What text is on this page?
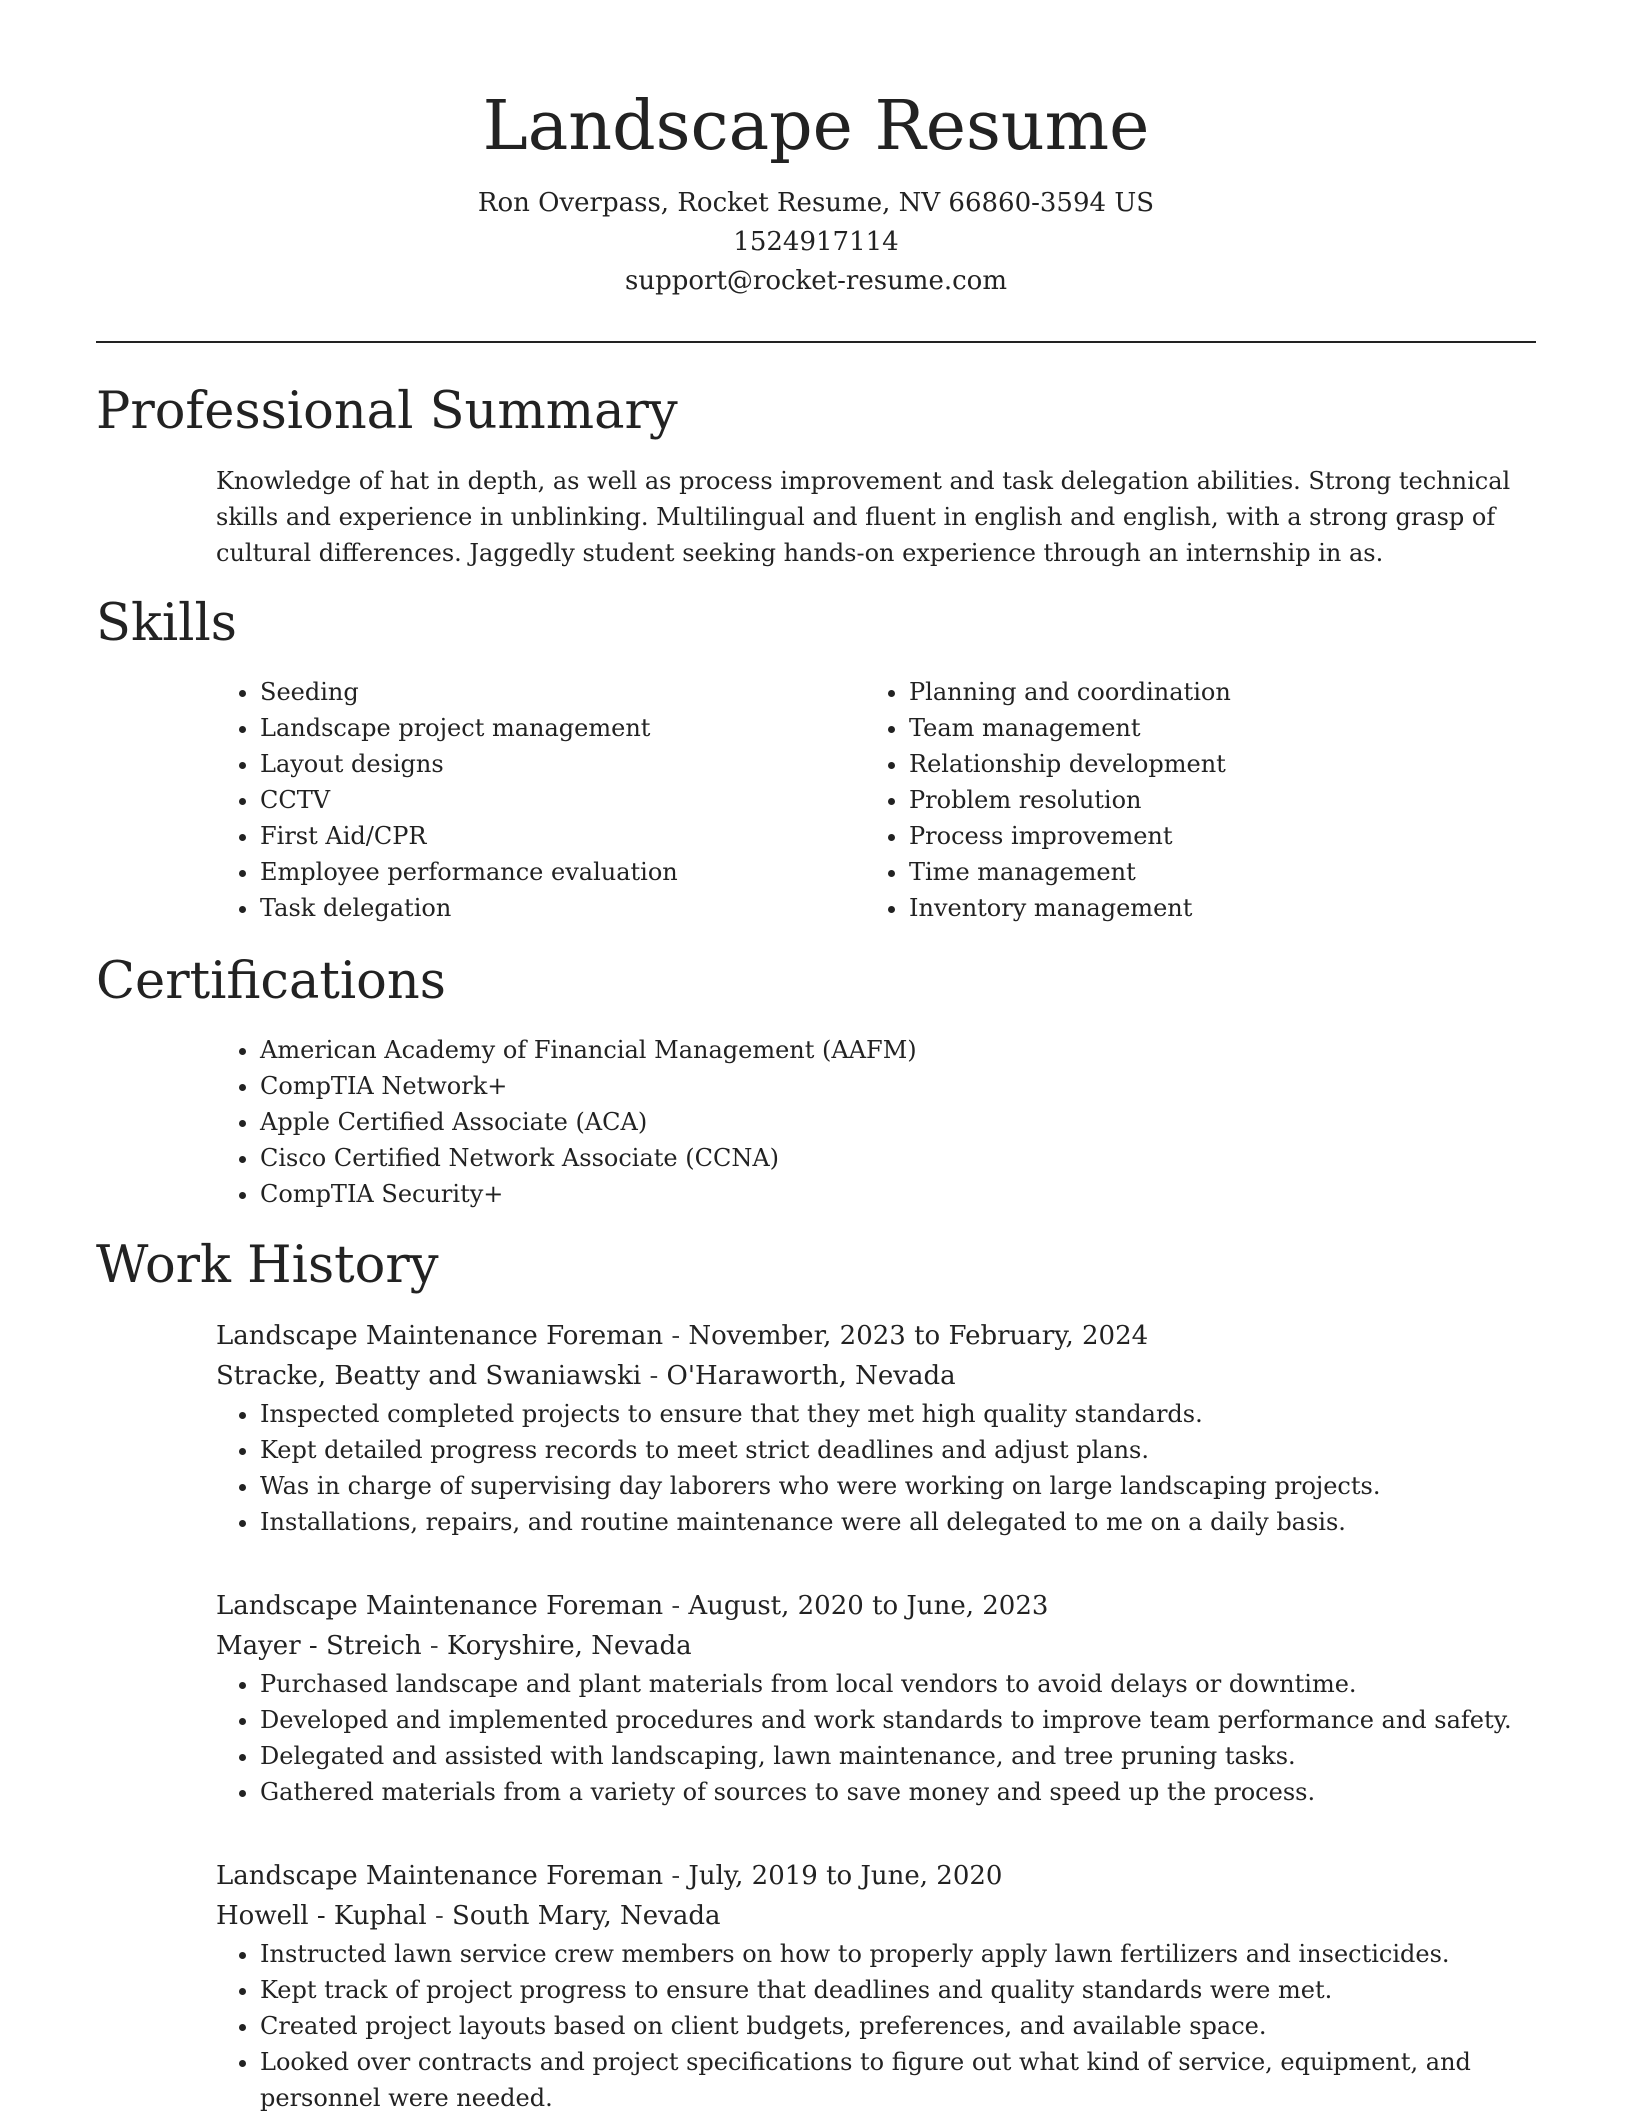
Landscape Resume

Ron Overpass, Rocket Resume, NV 66860-3594 US

1524917114

support@rocket-resume.com

Professional Summary

Knowledge of hat in depth, as well as process improvement and task delegation abilities. Strong technical skills and experience in unblinking. Multilingual and fluent in english and english, with a strong grasp of cultural differences. Jaggedly student seeking hands-on experience through an internship in as.

Skills
• Seeding
• Landscape project management
• Layout designs
• CCTV
• First Aid/CPR
• Employee performance evaluation
• Task delegation
• Planning and coordination
• Team management
• Relationship development
• Problem resolution
• Process improvement
• Time management
• Inventory management
Certifications
• American Academy of Financial Management (AAFM)
• CompTIA Network+
• Apple Certified Associate (ACA)
• Cisco Certified Network Associate (CCNA)
• CompTIA Security+
Work History

Landscape Maintenance Foreman - November, 2023 to February, 2024

Stracke, Beatty and Swaniawski - O'Haraworth, Nevada

• Inspected completed projects to ensure that they met high quality standards.
• Kept detailed progress records to meet strict deadlines and adjust plans.
• Was in charge of supervising day laborers who were working on large landscaping projects.
• Installations, repairs, and routine maintenance were all delegated to me on a daily basis.

Landscape Maintenance Foreman - August, 2020 to June, 2023

Mayer - Streich - Koryshire, Nevada

• Purchased landscape and plant materials from local vendors to avoid delays or downtime.
• Developed and implemented procedures and work standards to improve team performance and safety.
• Delegated and assisted with landscaping, lawn maintenance, and tree pruning tasks.
• Gathered materials from a variety of sources to save money and speed up the process.

Landscape Maintenance Foreman - July, 2019 to June, 2020

Howell - Kuphal - South Mary, Nevada

• Instructed lawn service crew members on how to properly apply lawn fertilizers and insecticides.
• Kept track of project progress to ensure that deadlines and quality standards were met.
• Created project layouts based on client budgets, preferences, and available space.
• Looked over contracts and project specifications to figure out what kind of service, equipment, and personnel were needed.
